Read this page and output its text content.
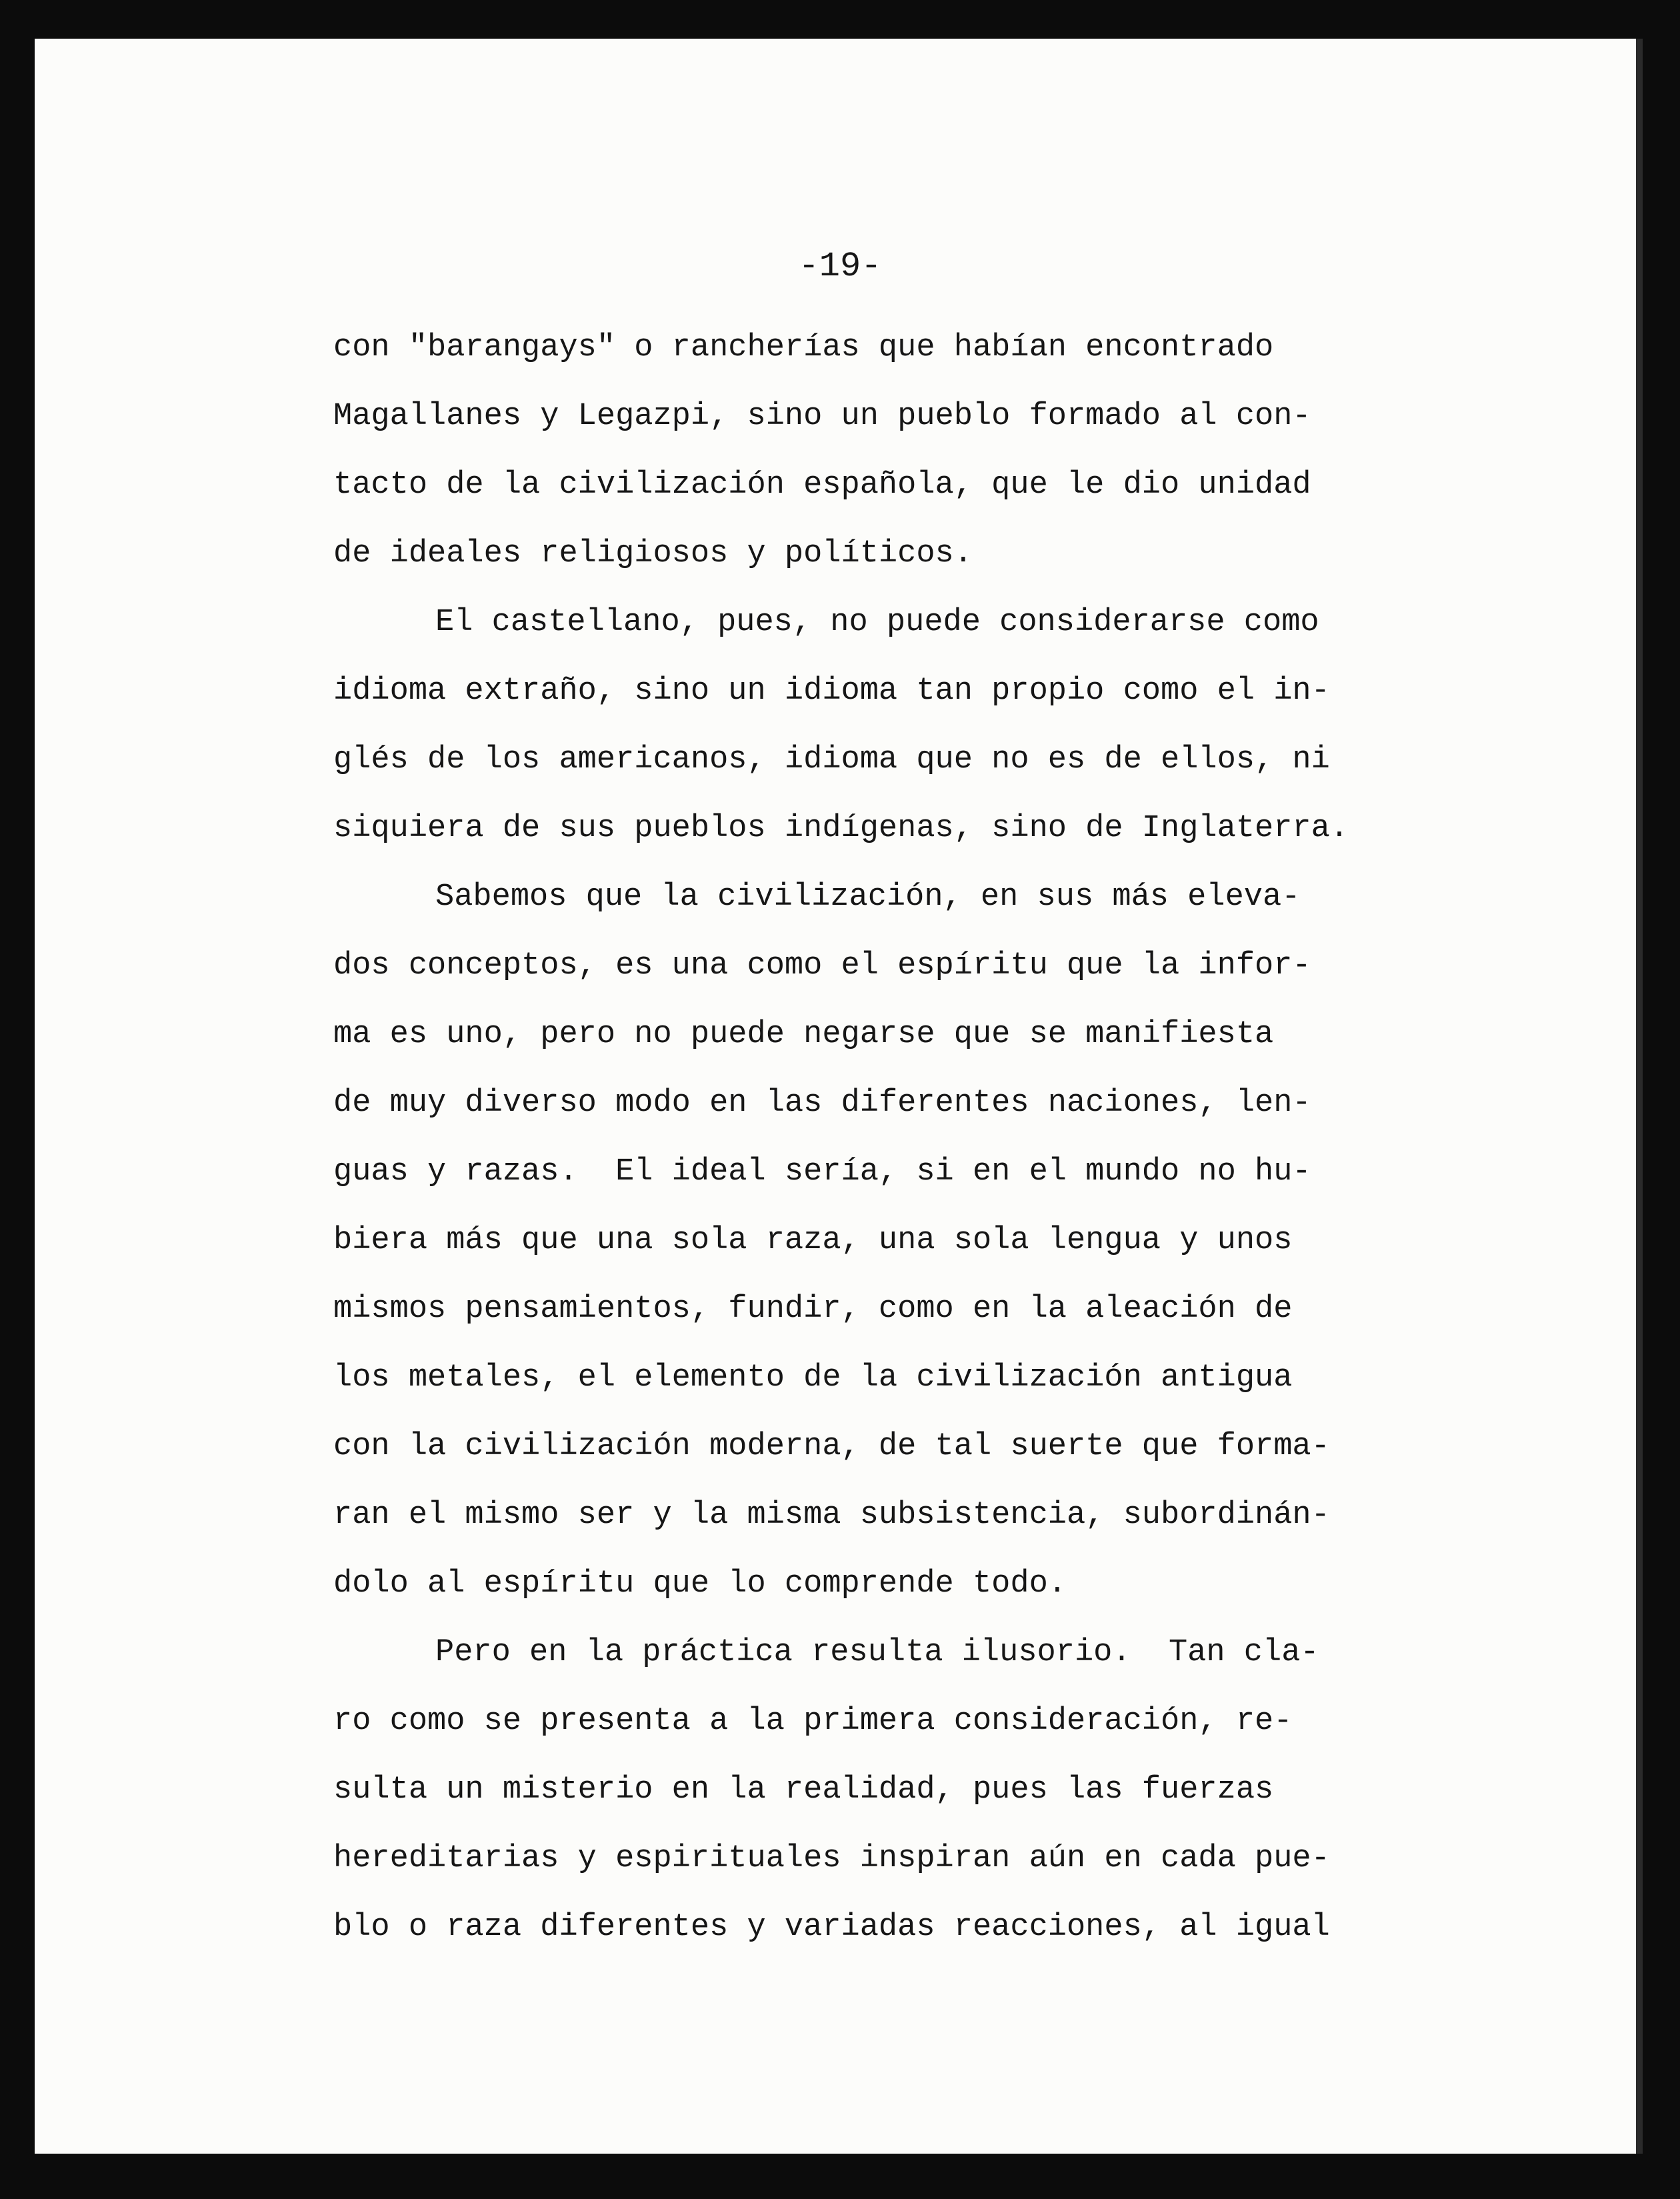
-19-

con "barangays" o rancherías que habían encontrado
Magallanes y Legazpi, sino un pueblo formado al con-
tacto de la civilización española, que le dio unidad
de ideales religiosos y políticos.
El castellano, pues, no puede considerarse como
idioma extraño, sino un idioma tan propio como el in-
glés de los americanos, idioma que no es de ellos, ni
siquiera de sus pueblos indígenas, sino de Inglaterra.
Sabemos que la civilización, en sus más eleva-
dos conceptos, es una como el espíritu que la infor-
ma es uno, pero no puede negarse que se manifiesta
de muy diverso modo en las diferentes naciones, len-
guas y razas.  El ideal sería, si en el mundo no hu-
biera más que una sola raza, una sola lengua y unos
mismos pensamientos, fundir, como en la aleación de
los metales, el elemento de la civilización antigua
con la civilización moderna, de tal suerte que forma-
ran el mismo ser y la misma subsistencia, subordinán-
dolo al espíritu que lo comprende todo.
Pero en la práctica resulta ilusorio.  Tan cla-
ro como se presenta a la primera consideración, re-
sulta un misterio en la realidad, pues las fuerzas
hereditarias y espirituales inspiran aún en cada pue-
blo o raza diferentes y variadas reacciones, al igual
